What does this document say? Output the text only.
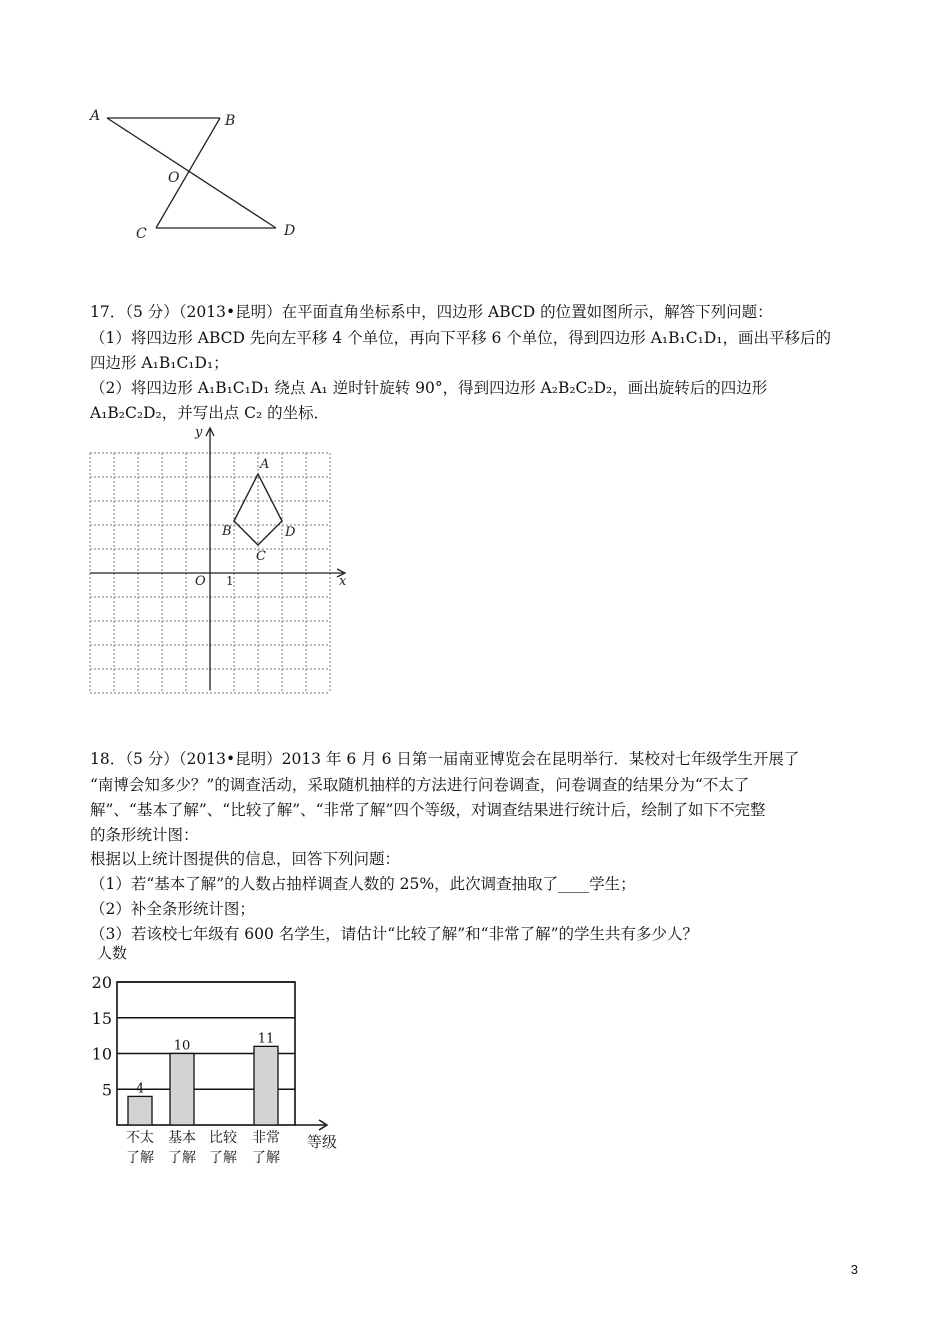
A	B
O
C	D
17．（5 分）（2013•昆明）在平面直角坐标系中，四边形 ABCD 的位置如图所示，解答下列问题：
（1）将四边形 ABCD 先向左平移 4 个单位，再向下平移 6 个单位，得到四边形 A₁B₁C₁D₁，画出平移后的
四边形 A₁B₁C₁D₁；
（2）将四边形 A₁B₁C₁D₁ 绕点 A₁ 逆时针旋转 90°，得到四边形 A₂B₂C₂D₂，画出旋转后的四边形
A₁B₂C₂D₂，并写出点 C₂ 的坐标．
y
x
O
A
B
C
D
1
18．（5 分）（2013•昆明）2013 年 6 月 6 日第一届南亚博览会在昆明举行．某校对七年级学生开展了
“南博会知多少？”的调查活动，采取随机抽样的方法进行问卷调查，问卷调查的结果分为“不太了
解”、“基本了解”、“比较了解”、“非常了解”四个等级，对调查结果进行统计后，绘制了如下不完整
的条形统计图：
根据以上统计图提供的信息，回答下列问题：
（1）若“基本了解”的人数占抽样调查人数的 25%，此次调查抽取了____学生；
（2）补全条形统计图；
（3）若该校七年级有 600 名学生，请估计“比较了解”和“非常了解”的学生共有多少人？
5
10
15
20
人数
等级
4
不太
了解
10
基本
了解
比较
了解
11
非常
了解
3
